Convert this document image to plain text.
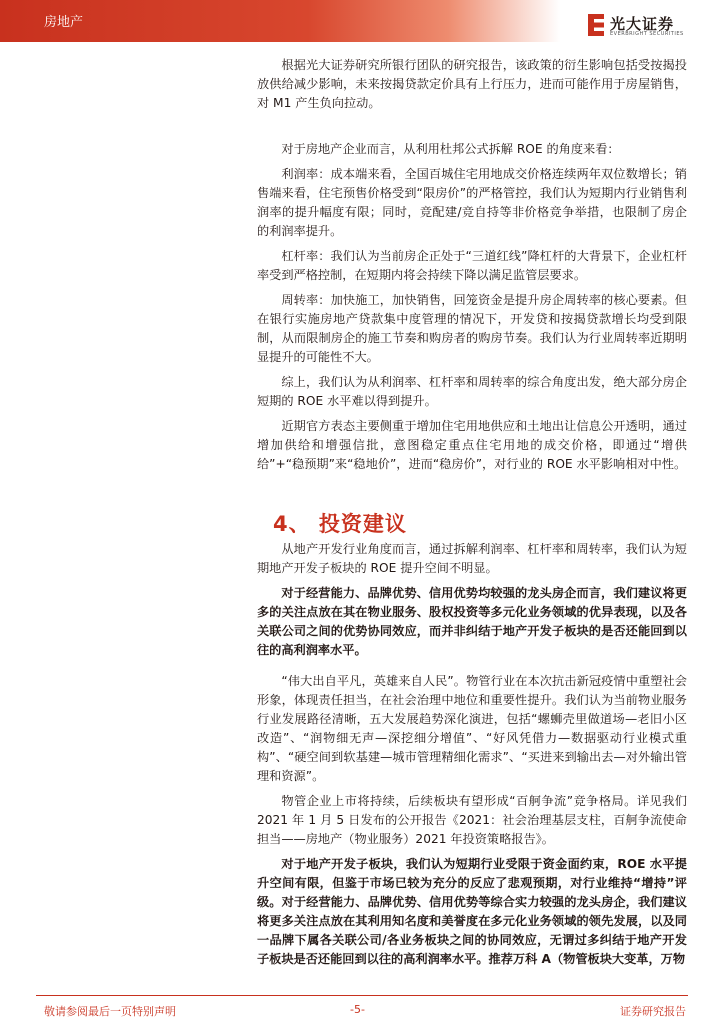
房地产	光大证券
EVERBRIGHT SECURITIES

根据光大证券研究所银行团队的研究报告，该政策的衍生影响包括受按揭投放供给减少影响，未来按揭贷款定价具有上行压力，进而可能作用于房屋销售，对 M1 产生负向拉动。

对于房地产企业而言，从利用杜邦公式拆解 ROE 的角度来看：

利润率：成本端来看，全国百城住宅用地成交价格连续两年双位数增长；销售端来看，住宅预售价格受到“限房价”的严格管控，我们认为短期内行业销售利润率的提升幅度有限；同时，竞配建/竞自持等非价格竞争举措，也限制了房企的利润率提升。

杠杆率：我们认为当前房企正处于“三道红线”降杠杆的大背景下，企业杠杆率受到严格控制，在短期内将会持续下降以满足监管层要求。

周转率：加快施工，加快销售，回笼资金是提升房企周转率的核心要素。但在银行实施房地产贷款集中度管理的情况下，开发贷和按揭贷款增长均受到限制，从而限制房企的施工节奏和购房者的购房节奏。我们认为行业周转率近期明显提升的可能性不大。

综上，我们认为从利润率、杠杆率和周转率的综合角度出发，绝大部分房企短期的 ROE 水平难以得到提升。

近期官方表态主要侧重于增加住宅用地供应和土地出让信息公开透明，通过增加供给和增强信批，意图稳定重点住宅用地的成交价格，即通过“增供给”+“稳预期”来“稳地价”，进而“稳房价”，对行业的 ROE 水平影响相对中性。

4、 投资建议

从地产开发行业角度而言，通过拆解利润率、杠杆率和周转率，我们认为短期地产开发子板块的 ROE 提升空间不明显。

对于经营能力、品牌优势、信用优势均较强的龙头房企而言，我们建议将更多的关注点放在其在物业服务、股权投资等多元化业务领域的优异表现，以及各关联公司之间的优势协同效应，而并非纠结于地产开发子板块的是否还能回到以往的高利润率水平。

“伟大出自平凡，英雄来自人民”。物管行业在本次抗击新冠疫情中重塑社会形象，体现责任担当，在社会治理中地位和重要性提升。我们认为当前物业服务行业发展路径清晰，五大发展趋势深化演进，包括“螺蛳壳里做道场—老旧小区改造”、“润物细无声—深挖细分增值”、“好风凭借力—数据驱动行业模式重构”、“硬空间到软基建—城市管理精细化需求”、“买进来到输出去—对外输出管理和资源”。

物管企业上市将持续，后续板块有望形成“百舸争流”竞争格局。详见我们 2021 年 1 月 5 日发布的公开报告《2021：社会治理基层支柱，百舸争流使命担当——房地产（物业服务）2021 年投资策略报告》。

对于地产开发子板块，我们认为短期行业受限于资金面约束，ROE 水平提升空间有限，但鉴于市场已较为充分的反应了悲观预期，对行业维持“增持”评级。对于经营能力、品牌优势、信用优势等综合实力较强的龙头房企，我们建议将更多关注点放在其利用知名度和美誉度在多元化业务领域的领先发展，以及同一品牌下属各关联公司/各业务板块之间的协同效应，无谓过多纠结于地产开发子板块是否还能回到以往的高利润率水平。推荐万科 A（物管板块大变革，万物

敬请参阅最后一页特别声明	-5-	证券研究报告
